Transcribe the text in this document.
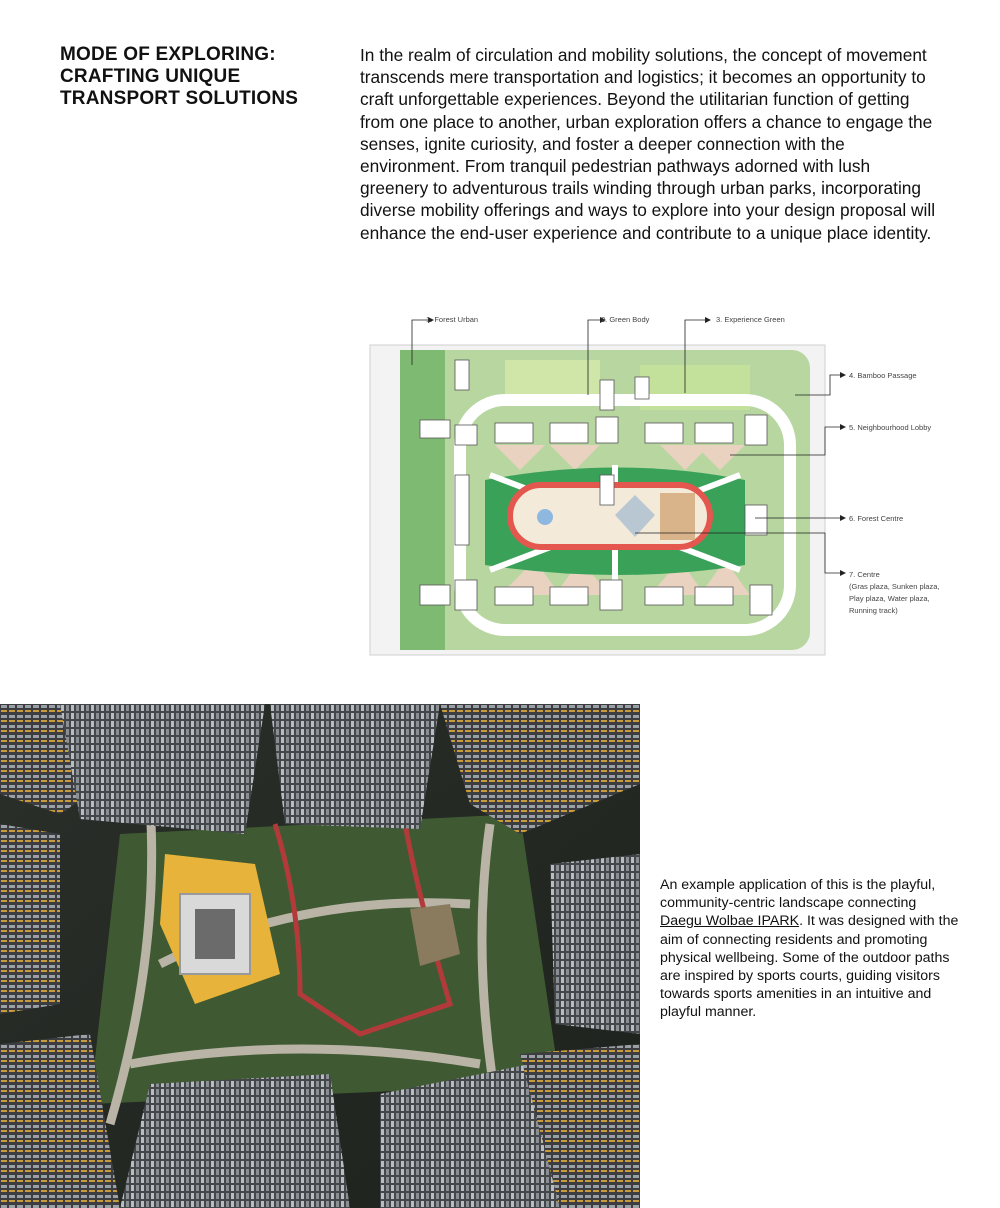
MODE OF EXPLORING:
CRAFTING UNIQUE
TRANSPORT SOLUTIONS

In the realm of circulation and mobility solutions, the concept of movement transcends mere transportation and logistics; it becomes an opportunity to craft unforgettable experiences. Beyond the utilitarian function of getting from one place to another, urban exploration offers a chance to engage the senses, ignite curiosity, and foster a deeper connection with the environment. From tranquil pedestrian pathways adorned with lush greenery to adventurous trails winding through urban parks, incorporating diverse mobility offerings and ways to explore into your design proposal will enhance the end-user experience and contribute to a unique place identity.

1. Forest Urban	2. Green Body	3. Experience Green
4. Bamboo Passage
5. Neighbourhood Lobby
6. Forest Centre
7. Centre
(Gras plaza, Sunken plaza,
Play plaza, Water plaza,
Running track)

An example application of this is the playful, community-centric landscape connecting Daegu Wolbae IPARK. It was designed with the aim of connecting residents and promoting physical wellbeing. Some of the outdoor paths are inspired by sports courts, guiding visitors towards sports amenities in an intuitive and playful manner.
